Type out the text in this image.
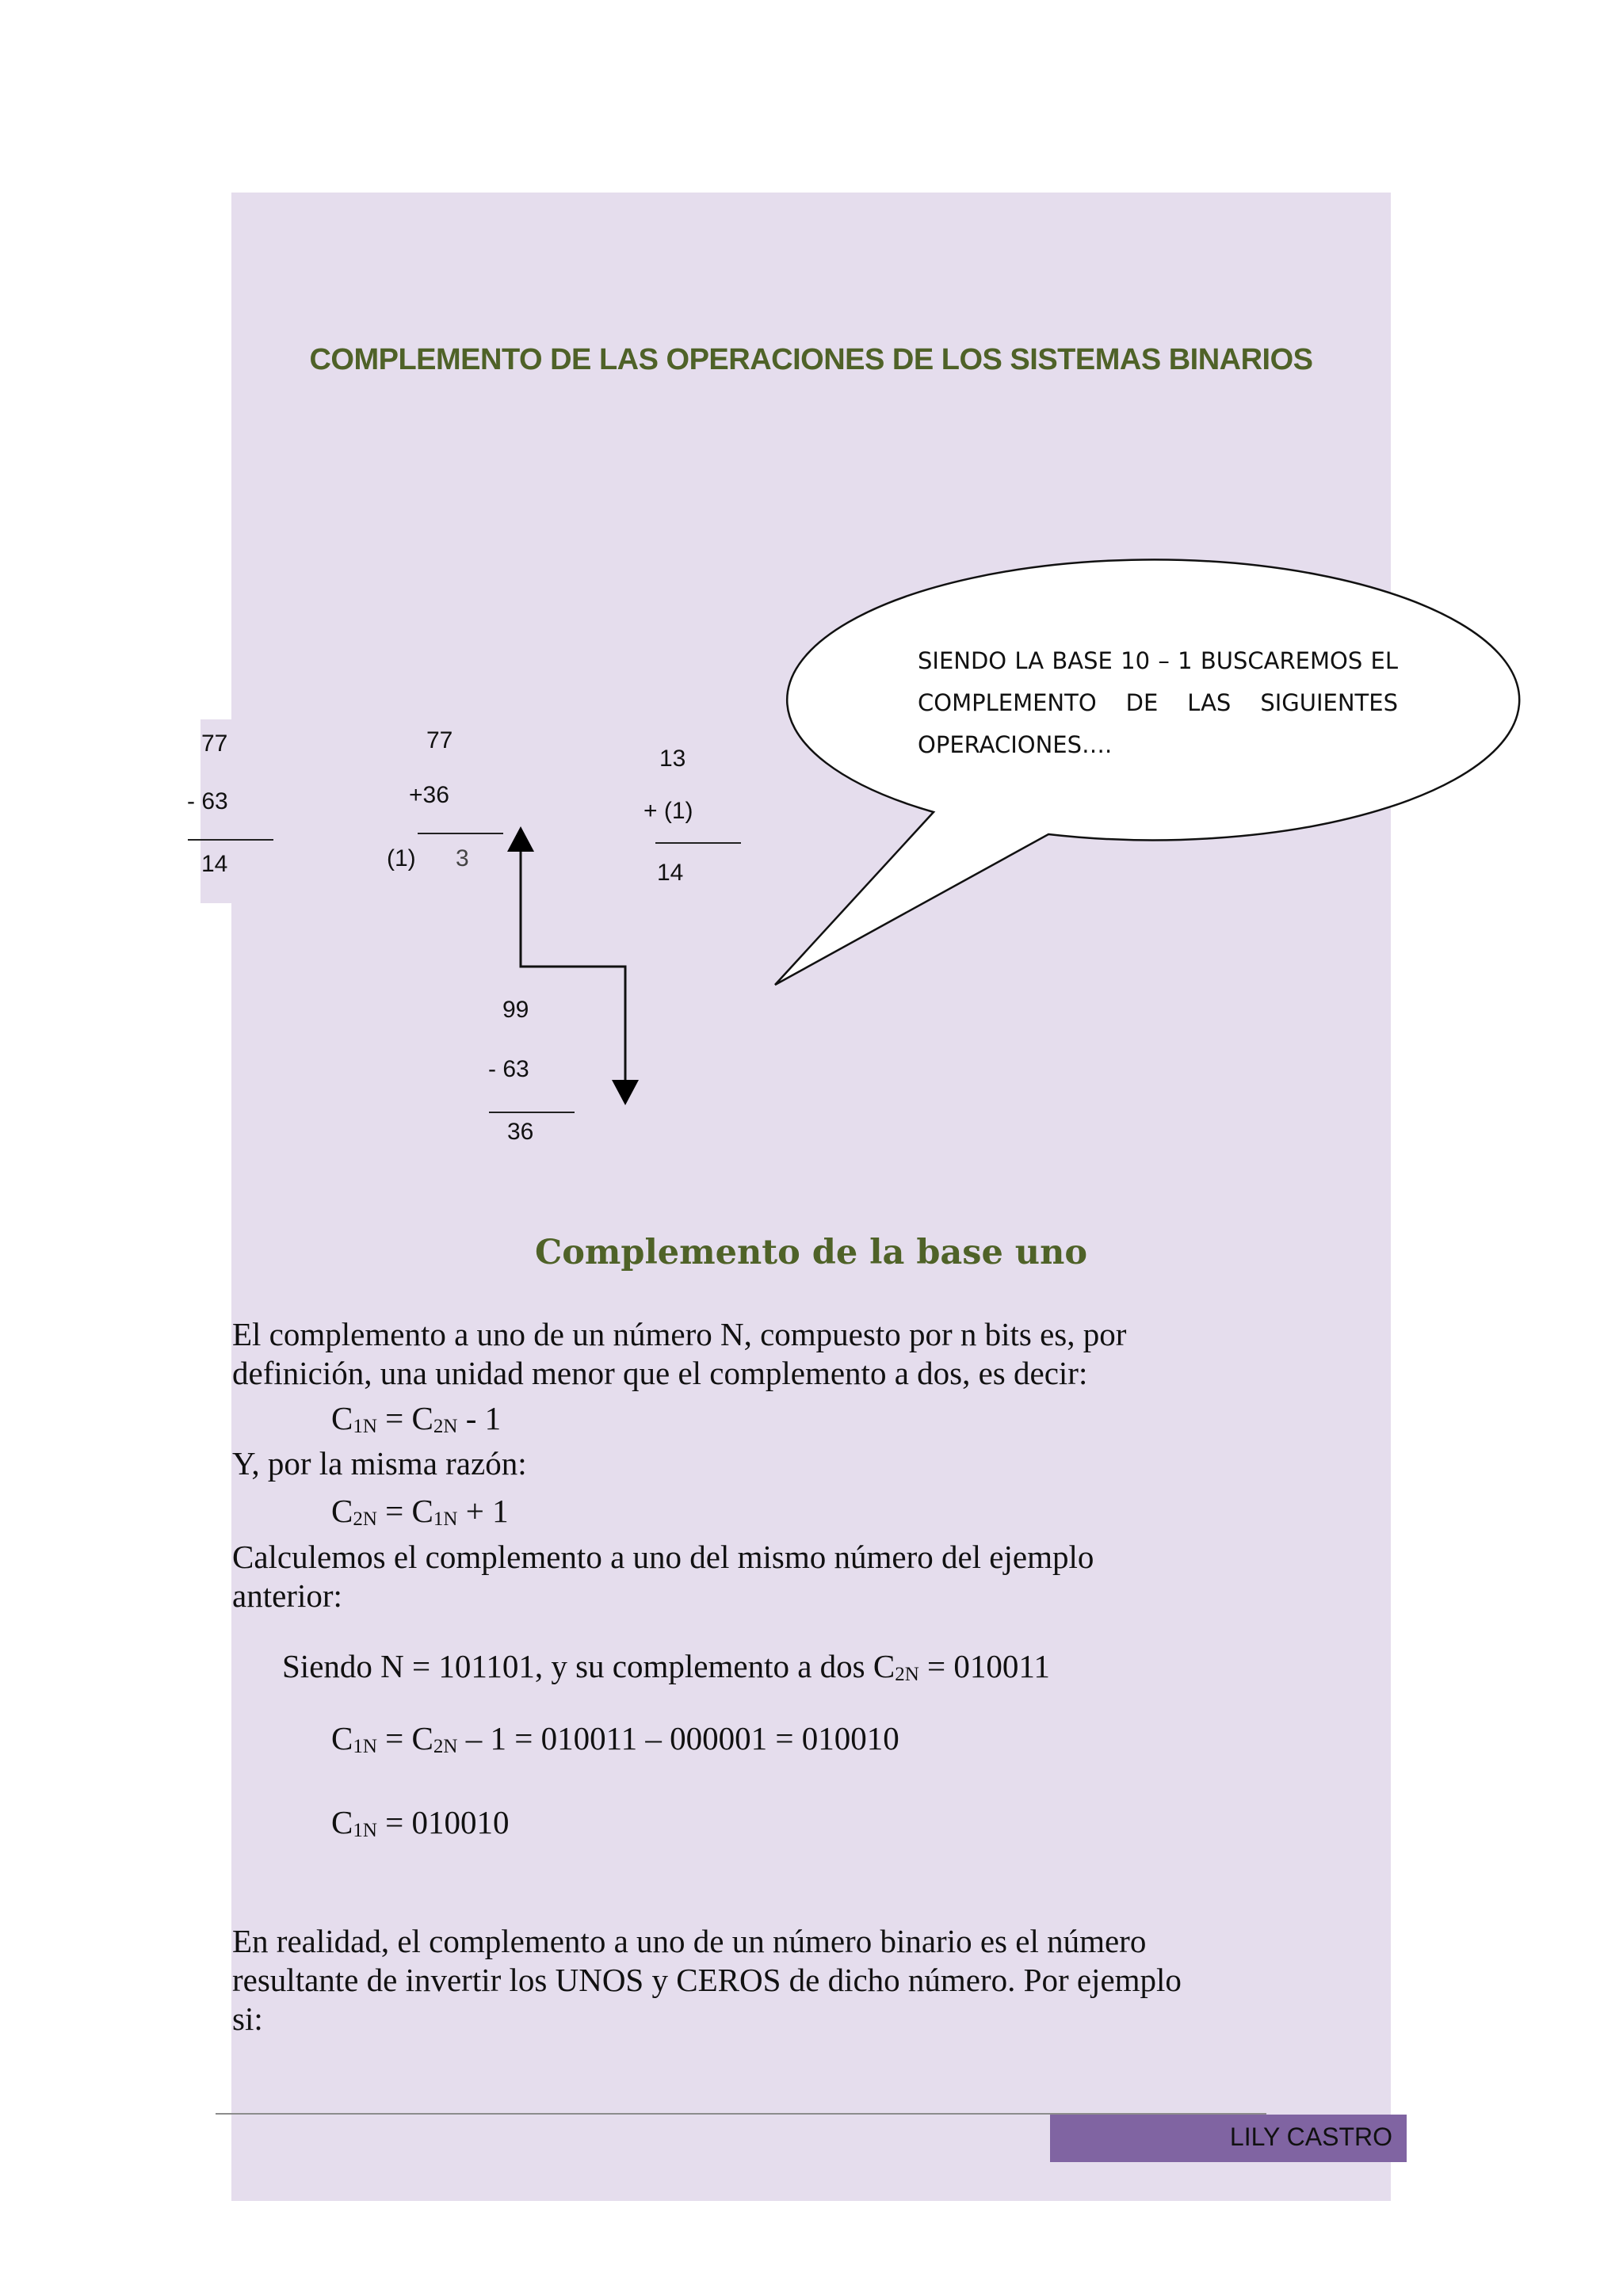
COMPLEMENTO DE LAS OPERACIONES DE LOS SISTEMAS BINARIOS
77
- 63
14
77
+36
(1) 3
13
+ (1)
14
99
- 63
36
SIENDO LA BASE 10 – 1 BUSCAREMOS EL COMPLEMENTO DE LAS SIGUIENTES OPERACIONES….
Complemento de la base uno
El complemento a uno de un número N, compuesto por n bits es, por
definición, una unidad menor que el complemento a dos, es decir:
$C_{1N} = C_{2N} - 1$
Y, por la misma razón:
$C_{2N} = C_{1N} + 1$
Calculemos el complemento a uno del mismo número del ejemplo
anterior:
Siendo N = 101101, y su complemento a dos $C_{2N} = 010011$
$C_{1N} = C_{2N} - 1 = 010011 - 000001 = 010010$
$C_{1N} = 010010$
En realidad, el complemento a uno de un número binario es el número
resultante de invertir los UNOS y CEROS de dicho número. Por ejemplo
si:
LILY CASTRO
